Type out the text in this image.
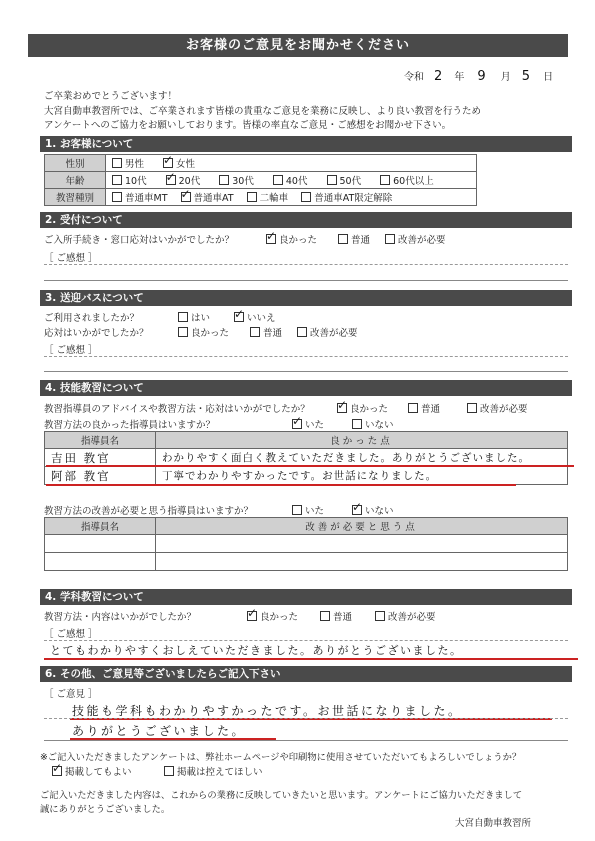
お客様のご意見をお聞かせください
令和 2 年 9 月 5 日
ご卒業おめでとうございます！
大宮自動車教習所では、ご卒業されます皆様の貴重なご意見を業務に反映し、より良い教習を行うため
アンケートへのご協力をお願いしております。皆様の率直なご意見・ご感想をお聞かせ下さい。
1. お客様について
性別	男性 ✓ 女性
年齢	10代 ✓ 20代 30代 40代 50代 60代以上
教習種別	普通車MT ✓ 普通車AT 二輪車 普通車AT限定解除
2. 受付について
ご入所手続き・窓口応対はいかがでしたか？ ✓	良かった	普通	改善が必要
［ ご感想 ］
3. 送迎バスについて
ご利用されましたか？	はい ✓	いいえ
応対はいかがでしたか？	良かった	普通	改善が必要
［ ご感想 ］
4. 技能教習について
教習指導員のアドバイスや教習方法・応対はいかがでしたか？ ✓	良かった	普通	改善が必要
教習方法の良かった指導員はいますか？ ✓	いた	いない
指導員名	良かった点
吉田 教官	わかりやすく面白く教えていただきました。ありがとうございました。
阿部 教官	丁寧でわかりやすかったです。お世話になりました。
教習方法の改善が必要と思う指導員はいますか？	いた ✓	いない
指導員名	改善が必要と思う点

4. 学科教習について
教習方法・内容はいかがでしたか？ ✓	良かった	普通	改善が必要
［ ご感想 ］
とてもわかりやすくおしえていただきました。ありがとうございました。
6. その他、ご意見等ございましたらご記入下さい
［ ご意見 ］
技能も学科もわかりやすかったです。お世話になりました。
ありがとうございました。
※ご記入いただきましたアンケートは、弊社ホームページや印刷物に使用させていただいてもよろしいでしょうか？
✓掲載してもよい	掲載は控えてほしい
ご記入いただきました内容は、これからの業務に反映していきたいと思います。アンケートにご協力いただきまして
誠にありがとうございました。
大宮自動車教習所
